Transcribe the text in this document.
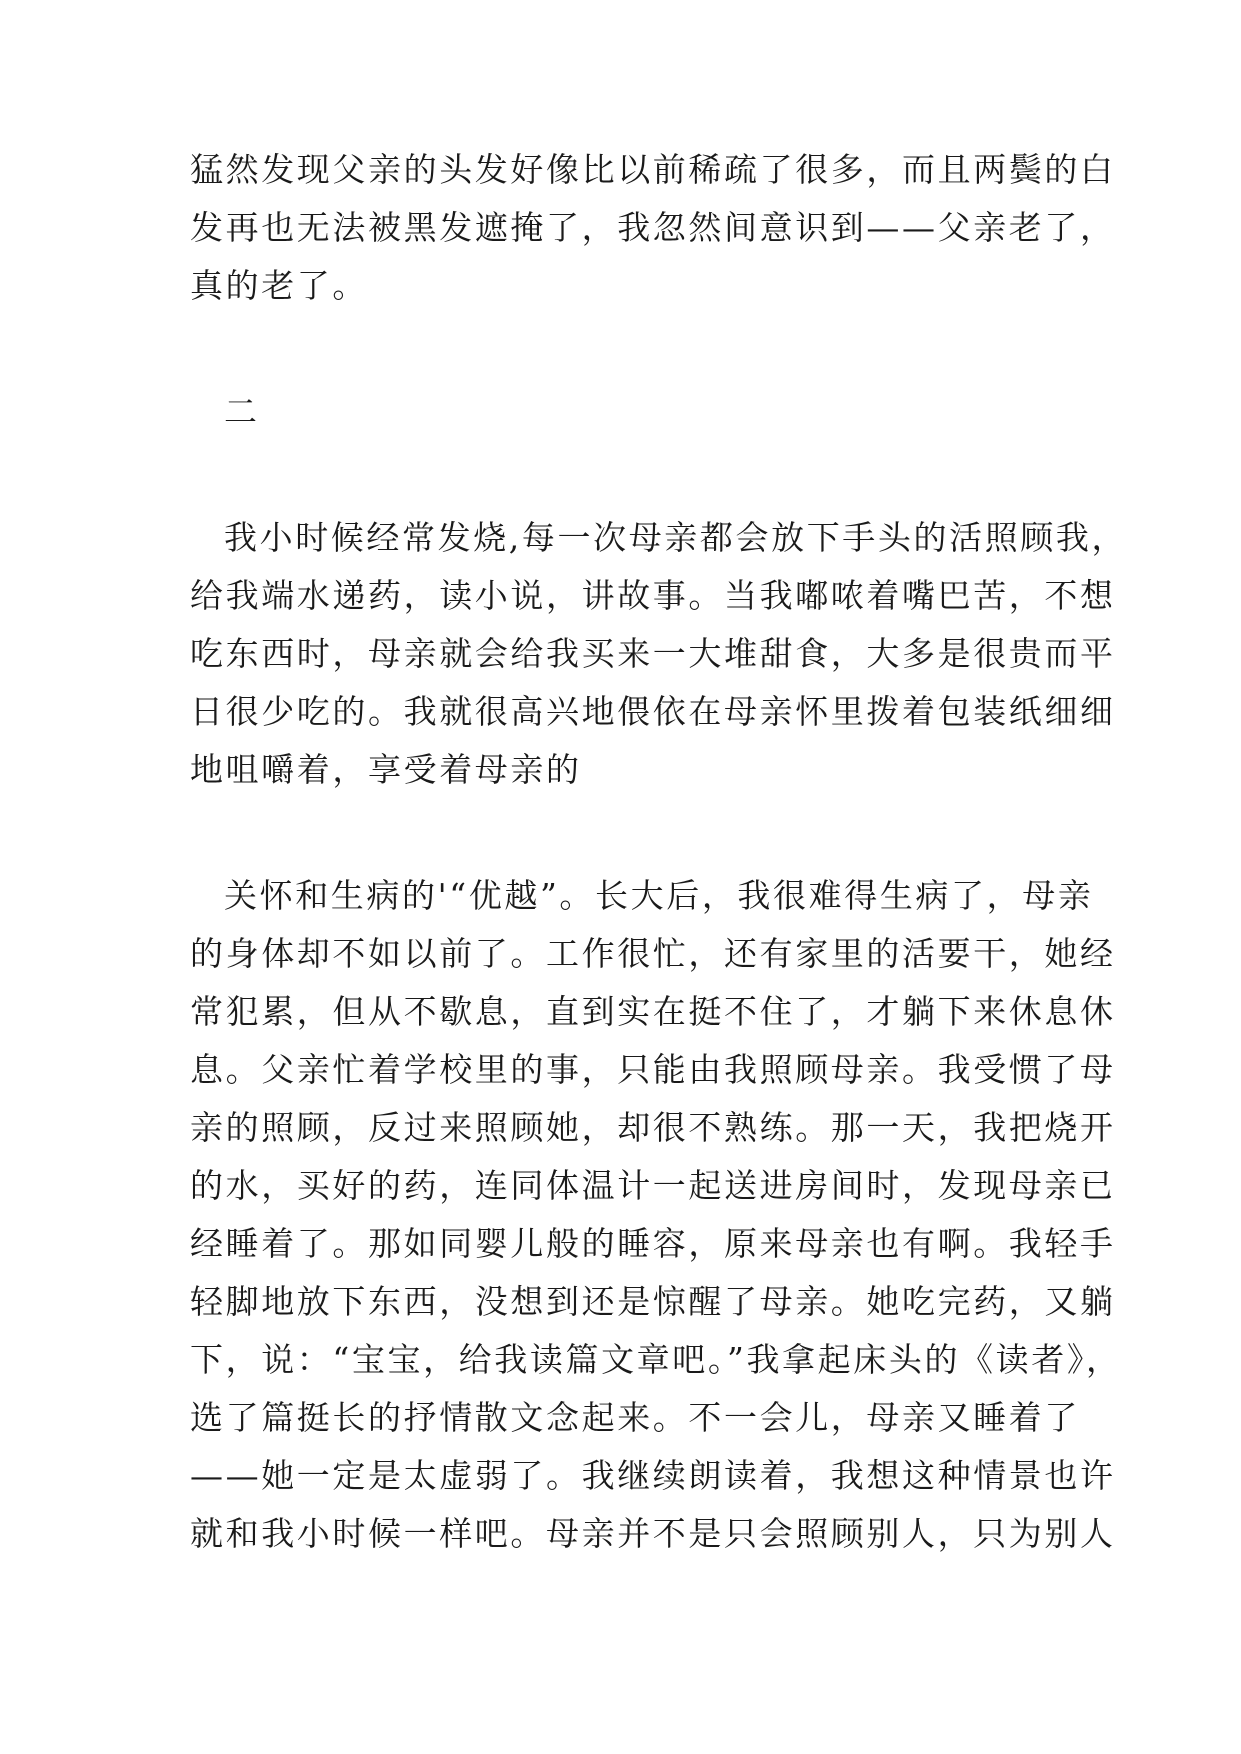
猛然发现父亲的头发好像比以前稀疏了很多，而且两鬓的白
发再也无法被黑发遮掩了，我忽然间意识到——父亲老了，
真的老了。
二
我小时候经常发烧,每一次母亲都会放下手头的活照顾我，
给我端水递药，读小说，讲故事。当我嘟哝着嘴巴苦，不想
吃东西时，母亲就会给我买来一大堆甜食，大多是很贵而平
日很少吃的。我就很高兴地偎依在母亲怀里拨着包装纸细细
地咀嚼着，享受着母亲的
关怀和生病的'“优越”。长大后，我很难得生病了，母亲
的身体却不如以前了。工作很忙，还有家里的活要干，她经
常犯累，但从不歇息，直到实在挺不住了，才躺下来休息休
息。父亲忙着学校里的事，只能由我照顾母亲。我受惯了母
亲的照顾，反过来照顾她，却很不熟练。那一天，我把烧开
的水，买好的药，连同体温计一起送进房间时，发现母亲已
经睡着了。那如同婴儿般的睡容，原来母亲也有啊。我轻手
轻脚地放下东西，没想到还是惊醒了母亲。她吃完药，又躺
下，说：“宝宝，给我读篇文章吧。”我拿起床头的《读者》，
选了篇挺长的抒情散文念起来。不一会儿，母亲又睡着了
——她一定是太虚弱了。我继续朗读着，我想这种情景也许
就和我小时候一样吧。母亲并不是只会照顾别人，只为别人
